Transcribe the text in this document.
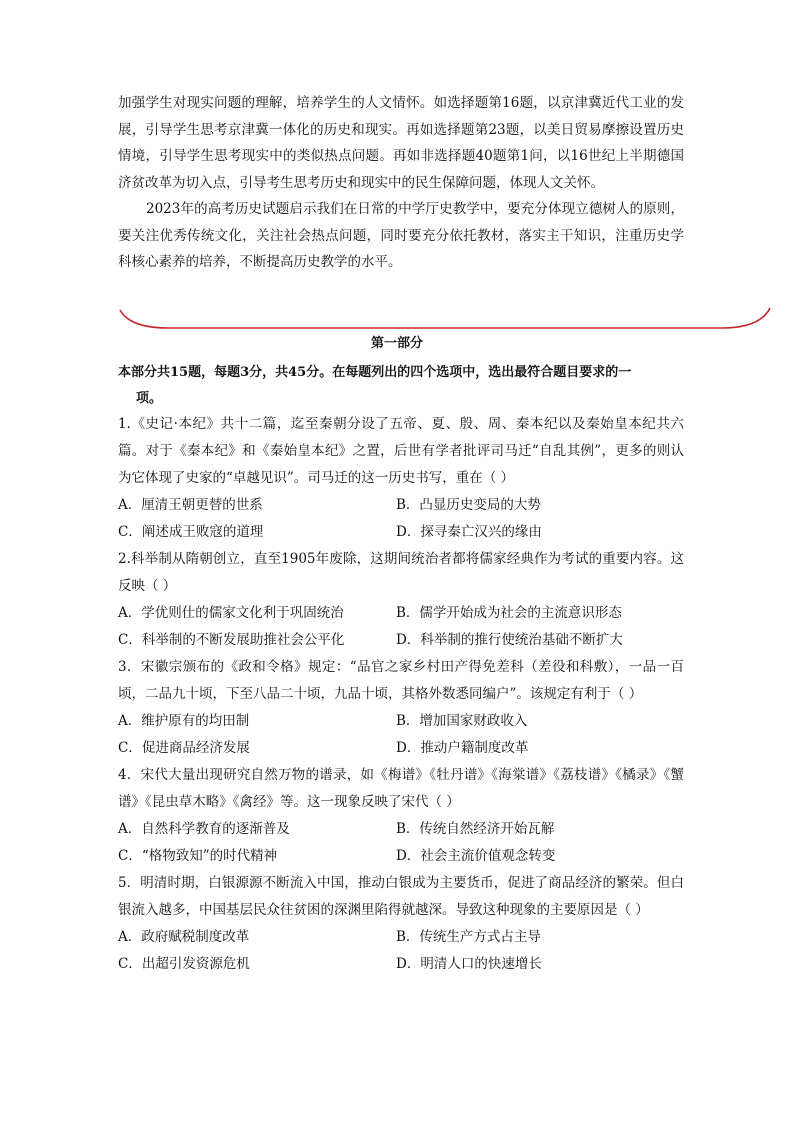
加强学生对现实问题的理解，培养学生的人文情怀。如选择题第16题，以京津冀近代工业的发展，引导学生思考京津冀一体化的历史和现实。再如选择题第23题，以美日贸易摩擦设置历史情境，引导学生思考现实中的类似热点问题。再如非选择题40题第1问，以16世纪上半期德国济贫改革为切入点，引导考生思考历史和现实中的民生保障问题，体现人文关怀。

2023年的高考历史试题启示我们在日常的中学厅史教学中，要充分体现立德树人的原则，要关注优秀传统文化，关注社会热点问题，同时要充分依托教材，落实主干知识，注重历史学科核心素养的培养，不断提高历史教学的水平。

第一部分
本部分共15题，每题3分，共45分。在每题列出的四个选项中，选出最符合题目要求的一
项。

1.《史记·本纪》共十二篇，迄至秦朝分设了五帝、夏、殷、周、秦本纪以及秦始皇本纪共六篇。对于《秦本纪》和《秦始皇本纪》之置，后世有学者批评司马迁“自乱其例”，更多的则认为它体现了史家的“卓越见识”。司马迁的这一历史书写，重在（ ）

A．厘清王朝更替的世系	B．凸显历史变局的大势
C．阐述成王败寇的道理	D．探寻秦亡汉兴的缘由

2.科举制从隋朝创立，直至1905年废除，这期间统治者都将儒家经典作为考试的重要内容。这反映（ ）

A．学优则仕的儒家文化利于巩固统治	B．儒学开始成为社会的主流意识形态
C．科举制的不断发展助推社会公平化	D．科举制的推行使统治基础不断扩大

3．宋徽宗颁布的《政和令格》规定：“品官之家乡村田产得免差科（差役和科敷），一品一百顷，二品九十顷，下至八品二十顷，九品十顷，其格外数悉同编户”。该规定有利于（ ）

A．维护原有的均田制	B．增加国家财政收入
C．促进商品经济发展	D．推动户籍制度改革

4．宋代大量出现研究自然万物的谱录，如《梅谱》《牡丹谱》《海棠谱》《荔枝谱》《橘录》《蟹谱》《昆虫草木略》《禽经》等。这一现象反映了宋代（ ）

A．自然科学教育的逐渐普及	B．传统自然经济开始瓦解
C．“格物致知”的时代精神	D．社会主流价值观念转变

5．明清时期，白银源源不断流入中国，推动白银成为主要货币，促进了商品经济的繁荣。但白银流入越多，中国基层民众往贫困的深渊里陷得就越深。导致这种现象的主要原因是（ ）

A．政府赋税制度改革	B．传统生产方式占主导
C．出超引发资源危机	D．明清人口的快速增长
